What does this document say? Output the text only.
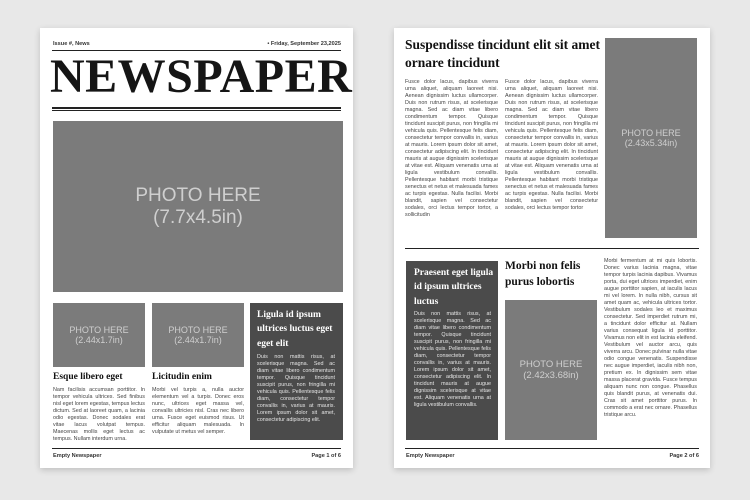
Issue #, News	• Friday, September 23,2025
NEWSPAPER
PHOTO HERE
(7.7x4.5in)
PHOTO HERE
(2.44x1.7in)
PHOTO HERE
(2.44x1.7in)
Esque libero eget
Nam facilisis accumsan porttitor. In tempor vehicula ultrices. Sed finibus nisl eget lorem egestas, tempus lectus dictum. Sed at laoreet quam, a lacinia odio egestas. Donec sodales erat vitae lacus volutpat tempus. Maecenas mollis eget lectus ac tempus. Nullam interdum urna.
Licitudin enim
Morbi vel turpis a, nulla auctor elementum vel a turpis. Donec eros nunc, ultrices eget massa vel, convallis ultricies nisl. Cras nec libero urna. Fusce eget euismod risus. Ut efficitur aliquam malesuada. In vulputate ut metus vel semper.
Ligula id ipsum ultrices luctus eget eget elit
Duis non mattis risus, at scelerisque magna. Sed ac diam vitae libero condimentum tempor. Quisque tincidunt suscipit purus, non fringilla mi vehicula quis. Pellentesque felis diam, consectetur tempor convallis in, varius at mauris. Lorem ipsum dolor sit amet, consectetur adipiscing elit.
Empty Newspaper	Page 1 of 6
Suspendisse tincidunt elit sit amet ornare tincidunt
Fusce dolor lacus, dapibus viverra urna aliquet, aliquam laoreet nisi. Aenean dignissim luctus ullamcorper. Duis non rutrum risus, at scelerisque magna. Sed ac diam vitae libero condimentum tempor. Quisque tincidunt suscipit purus, non fringilla mi vehicula quis. Pellentesque felis diam, consectetur tempor convallis in, varius at mauris. Lorem ipsum dolor sit amet, consectetur adipiscing elit. In tincidunt mauris at augue dignissim scelerisque at vitae est. Aliquam venenatis urna at ligula vestibulum convallis. Pellentesque habitant morbi tristique senectus et netus et malesuada fames ac turpis egestas. Nulla facilisi. Morbi blandit, sapien vel consectetur sodales, orci lectus tempor tortor, a sollicitudin
Fusce dolor lacus, dapibus viverra urna aliquet, aliquam laoreet nisi. Aenean dignissim luctus ullamcorper. Duis non rutrum risus, at scelerisque magna. Sed ac diam vitae libero condimentum tempor. Quisque tincidunt suscipit purus, non fringilla mi vehicula quis. Pellentesque felis diam, consectetur tempor convallis in, varius at mauris. Lorem ipsum dolor sit amet, consectetur adipiscing elit. In tincidunt mauris at augue dignissim scelerisque at vitae est. Aliquam venenatis urna at ligula vestibulum convallis. Pellentesque habitant morbi tristique senectus et netus et malesuada fames ac turpis egestas. Nulla facilisi. Morbi blandit, sapien vel consectetur sodales, orci lectus tempor tortor
PHOTO HERE
(2.43x5.34in)
Praesent eget ligula id ipsum ultrices luctus
Duis non mattis risus, at scelerisque magna. Sed ac diam vitae libero condimentum tempor. Quisque tincidunt suscipit purus, non fringilla mi vehicula quis. Pellentesque felis diam, consectetur tempor convallis in, varius at mauris. Lorem ipsum dolor sit amet, consectetur adipiscing elit. In tincidunt mauris at augue dignissim scelerisque at vitae est. Aliquam venenatis urna at ligula vestibulum convallis.
Morbi non felis purus lobortis
PHOTO HERE
(2.42x3.68in)
Morbi fermentum at mi quis lobortis. Donec varius lacinia magna, vitae tempor turpis lacinia dapibus. Vivamus porta, dui eget ultrices imperdiet, enim augue porttitor sapien, at iaculis lacus mi vel lorem. In nulla nibh, cursus sit amet quam ac, vehicula ultrices tortor. Vestibulum sodales leo et maximus consectetur. Sed imperdiet rutrum mi, a tincidunt dolor efficitur at. Nullam varius consequat ligula id porttitor. Vivamus non elit in est lacinia eleifend. Vestibulum vel auctor arcu, quis viverra arcu. Donec pulvinar nulla vitae odio congue venenatis. Suspendisse nec augue imperdiet, iaculis nibh non, pretium ex. In dignissim sem vitae massa placerat gravida. Fusce tempus aliquam nunc non congue. Phasellus quis blandit purus, at venenatis dui. Cras sit amet porttitor purus. In commodo a erat nec ornare. Phasellus tristique arcu.
Empty Newspaper	Page 2 of 6
